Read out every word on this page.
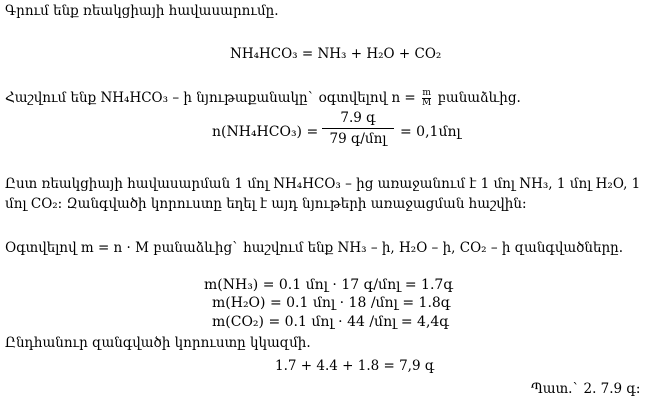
Գրում ենք ռեակցիայի հավասարումը.
NH₄HCO₃ = NH₃ + H₂O + CO₂
Հաշվում ենք NH₄HCO₃ – ի նյութաքանակը` օգտվելով $n = \frac{m}{M}$ բանաձևից.
n(NH₄HCO₃) =
7.9 գ
79 գ/մոլ = 0,1մոլ
Ըստ ռեակցիայի հավասարման 1 մոլ NH₄HCO₃ – ից առաջանում է 1 մոլ NH₃, 1 մոլ H₂O, 1
մոլ CO₂: Զանգվածի կորուստը եղել է այդ նյութերի առաջացման հաշվին:
Օգտվելով m = n · M բանաձևից` հաշվում ենք NH₃ – ի, H₂O – ի, CO₂ – ի զանգվածները.
m(NH₃) = 0.1 մոլ · 17 գ/մոլ = 1.7գ
m(H₂O) = 0.1 մոլ · 18 /մոլ = 1.8գ
m(CO₂) = 0.1 մոլ · 44 /մոլ = 4,4գ
Ընդհանուր զանգվածի կորուստը կկազմի.
1.7 + 4.4 + 1.8 = 7,9 գ
Պատ.` 2. 7.9 գ:
